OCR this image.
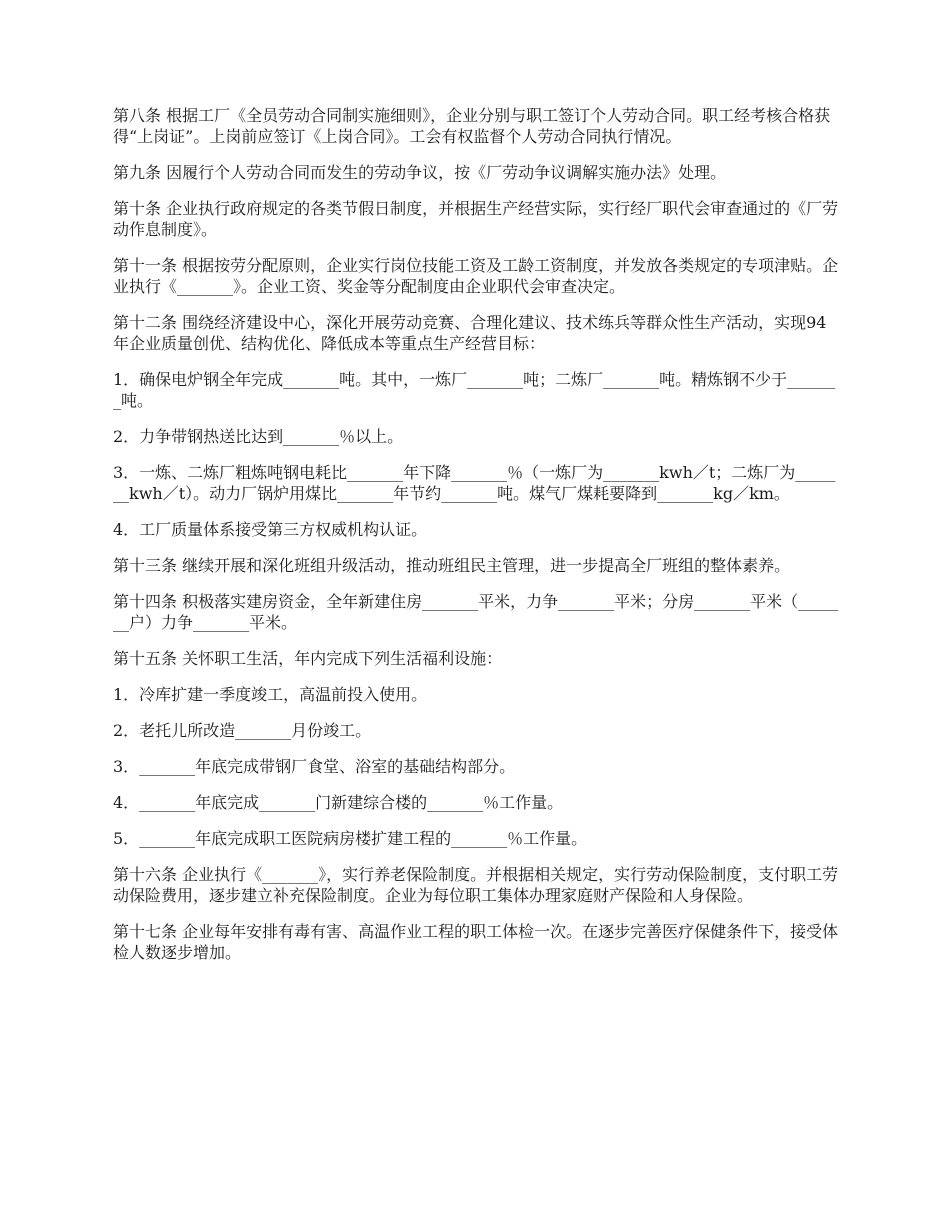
第八条 根据工厂《全员劳动合同制实施细则》，企业分别与职工签订个人劳动合同。职工经考核合格获得“上岗证”。上岗前应签订《上岗合同》。工会有权监督个人劳动合同执行情况。

第九条 因履行个人劳动合同而发生的劳动争议，按《厂劳动争议调解实施办法》处理。

第十条 企业执行政府规定的各类节假日制度，并根据生产经营实际，实行经厂职代会审查通过的《厂劳动作息制度》。

第十一条 根据按劳分配原则，企业实行岗位技能工资及工龄工资制度，并发放各类规定的专项津贴。企业执行《_______》。企业工资、奖金等分配制度由企业职代会审查决定。

第十二条 围绕经济建设中心，深化开展劳动竞赛、合理化建议、技术练兵等群众性生产活动，实现94年企业质量创优、结构优化、降低成本等重点生产经营目标：

1．确保电炉钢全年完成_______吨。其中，一炼厂_______吨；二炼厂_______吨。精炼钢不少于_______吨。

2．力争带钢热送比达到_______％以上。

3．一炼、二炼厂粗炼吨钢电耗比_______年下降_______％（一炼厂为_______kwh／t；二炼厂为_______kwh／t）。动力厂锅炉用煤比_______年节约_______吨。煤气厂煤耗要降到_______kg／km。

4．工厂质量体系接受第三方权威机构认证。

第十三条 继续开展和深化班组升级活动，推动班组民主管理，进一步提高全厂班组的整体素养。

第十四条 积极落实建房资金，全年新建住房_______平米，力争_______平米；分房_______平米（_______户）力争_______平米。

第十五条 关怀职工生活，年内完成下列生活福利设施：

1．冷库扩建一季度竣工，高温前投入使用。

2．老托儿所改造_______月份竣工。

3．_______年底完成带钢厂食堂、浴室的基础结构部分。

4．_______年底完成_______门新建综合楼的_______％工作量。

5．_______年底完成职工医院病房楼扩建工程的_______％工作量。

第十六条 企业执行《_______》，实行养老保险制度。并根据相关规定，实行劳动保险制度，支付职工劳动保险费用，逐步建立补充保险制度。企业为每位职工集体办理家庭财产保险和人身保险。

第十七条 企业每年安排有毒有害、高温作业工程的职工体检一次。在逐步完善医疗保健条件下，接受体检人数逐步增加。
